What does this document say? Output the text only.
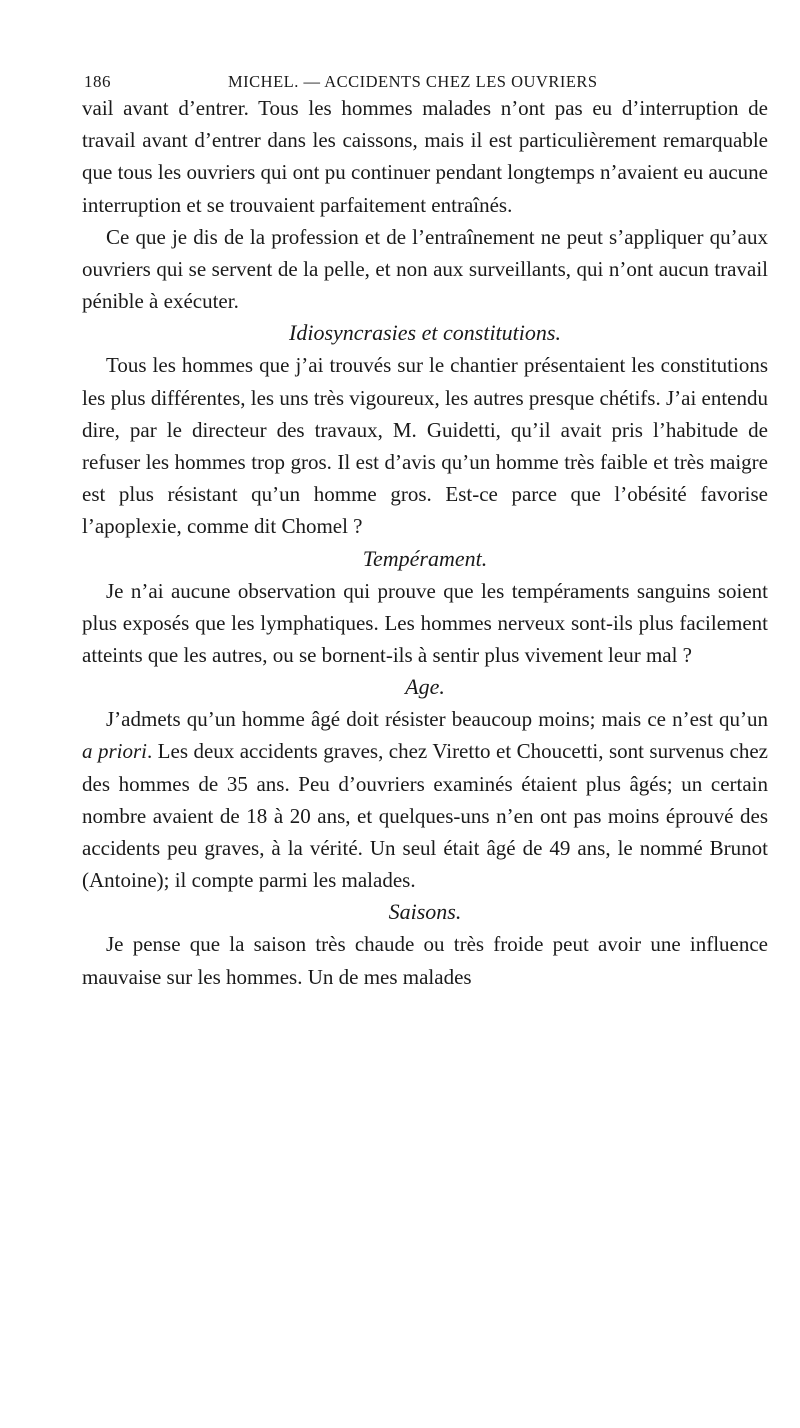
186	MICHEL. — ACCIDENTS CHEZ LES OUVRIERS

vail avant d’entrer. Tous les hommes malades n’ont pas eu d’interruption de travail avant d’entrer dans les caissons, mais il est particulièrement remarquable que tous les ouvriers qui ont pu continuer pendant longtemps n’avaient eu aucune interruption et se trouvaient parfaitement entraînés.

Ce que je dis de la profession et de l’entraînement ne peut s’appliquer qu’aux ouvriers qui se servent de la pelle, et non aux surveillants, qui n’ont aucun travail pénible à exécuter.

Idiosyncrasies et constitutions.

Tous les hommes que j’ai trouvés sur le chantier présentaient les constitutions les plus différentes, les uns très vigoureux, les autres presque chétifs. J’ai entendu dire, par le directeur des travaux, M. Guidetti, qu’il avait pris l’habitude de refuser les hommes trop gros. Il est d’avis qu’un homme très faible et très maigre est plus résistant qu’un homme gros. Est-ce parce que l’obésité favorise l’apoplexie, comme dit Chomel ?

Tempérament.

Je n’ai aucune observation qui prouve que les tempéraments sanguins soient plus exposés que les lymphatiques. Les hommes nerveux sont-ils plus facilement atteints que les autres, ou se bornent-ils à sentir plus vivement leur mal ?

Age.

J’admets qu’un homme âgé doit résister beaucoup moins; mais ce n’est qu’un a priori. Les deux accidents graves, chez Viretto et Choucetti, sont survenus chez des hommes de 35 ans. Peu d’ouvriers examinés étaient plus âgés; un certain nombre avaient de 18 à 20 ans, et quelques-uns n’en ont pas moins éprouvé des accidents peu graves, à la vérité. Un seul était âgé de 49 ans, le nommé Brunot (Antoine); il compte parmi les malades.

Saisons.

Je pense que la saison très chaude ou très froide peut avoir une influence mauvaise sur les hommes. Un de mes malades
